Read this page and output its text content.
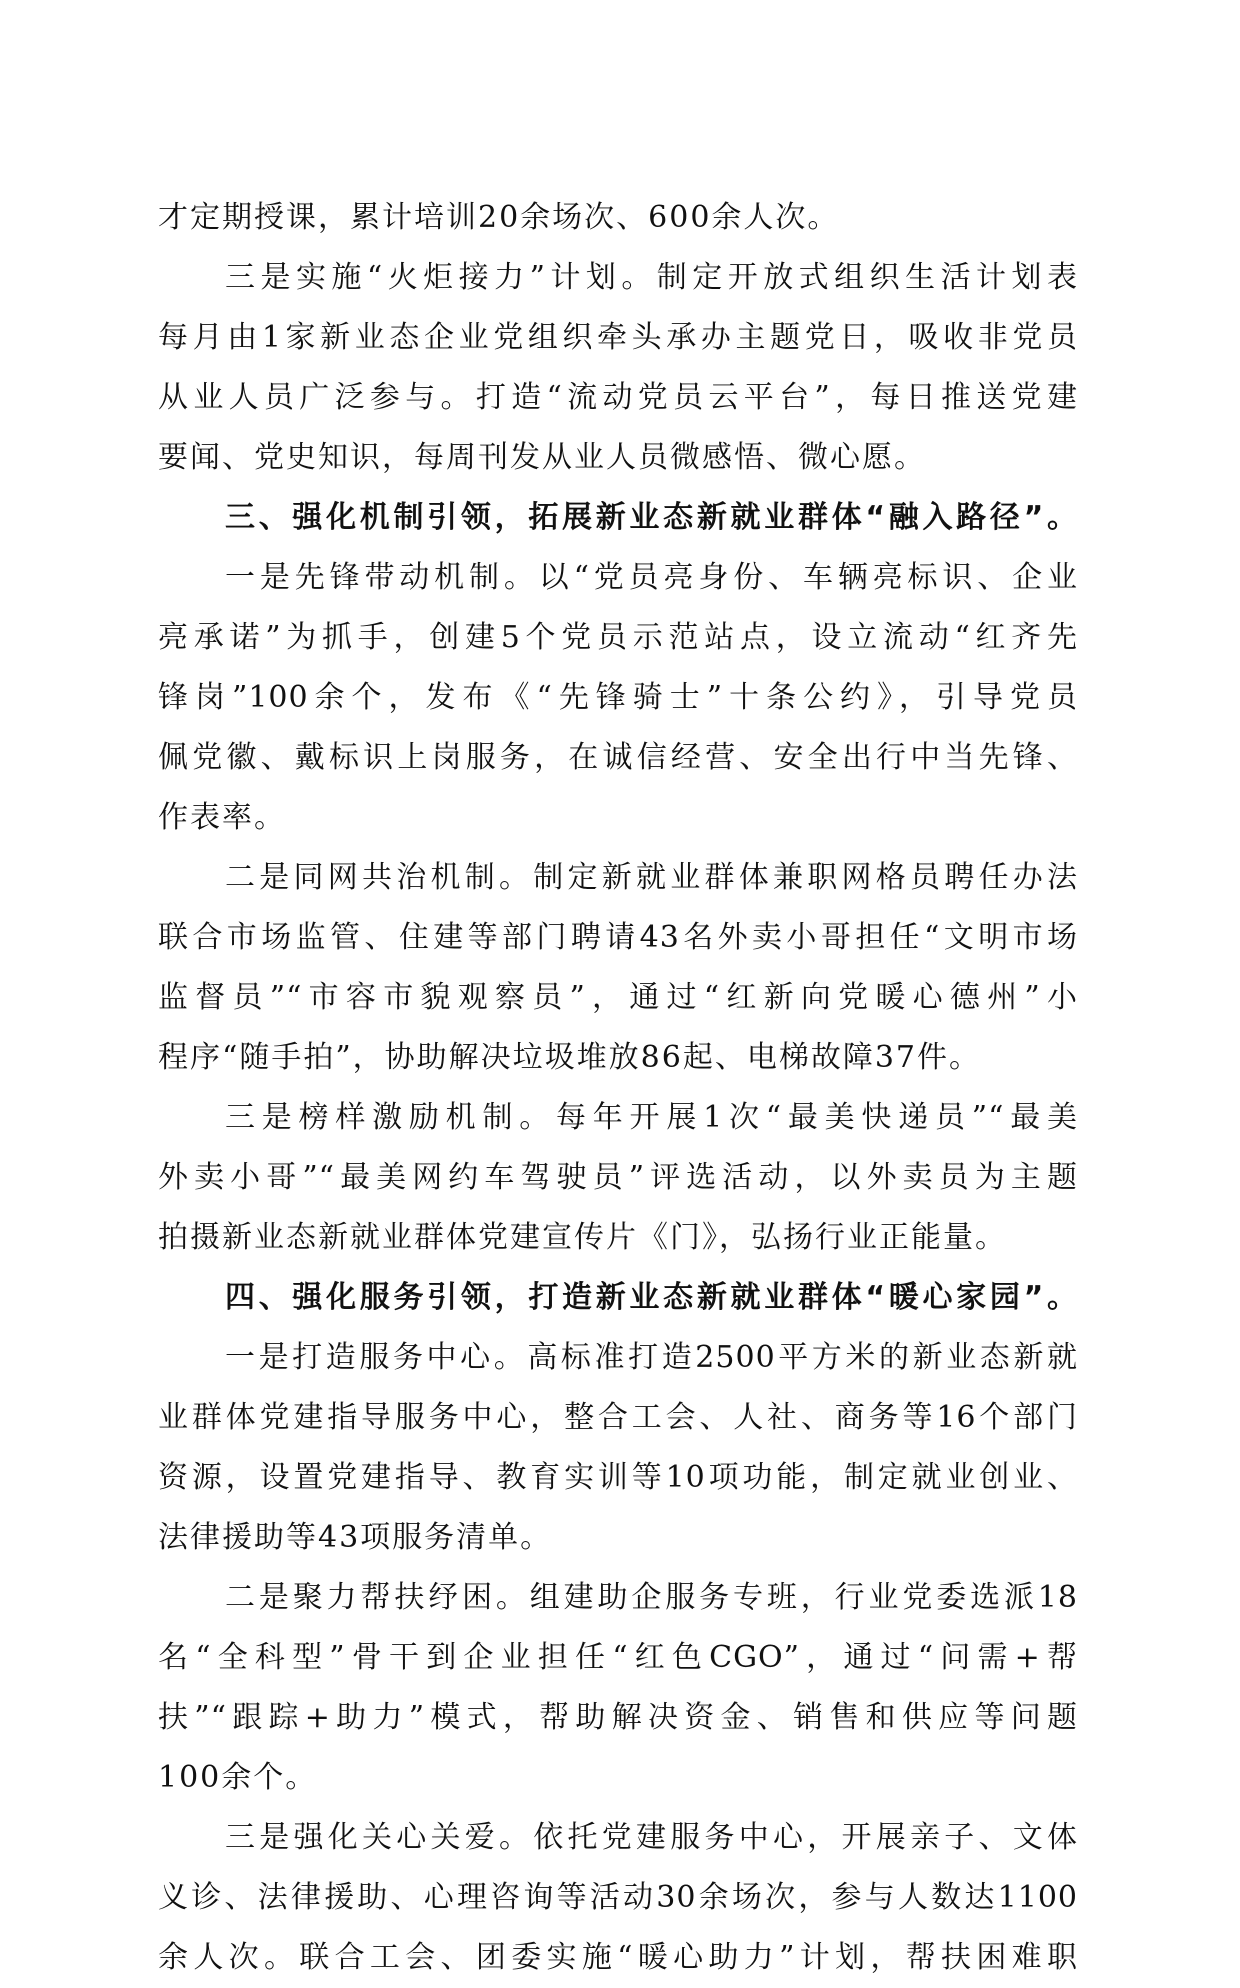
才定期授课，累计培训20余场次、600余人次。
三是实施“火炬接力”计划。制定开放式组织生活计划表
每月由1家新业态企业党组织牵头承办主题党日，吸收非党员
从业人员广泛参与。打造“流动党员云平台”，每日推送党建
要闻、党史知识，每周刊发从业人员微感悟、微心愿。
三、强化机制引领，拓展新业态新就业群体“融入路径”。
一是先锋带动机制。以“党员亮身份、车辆亮标识、企业
亮承诺”为抓手，创建5个党员示范站点，设立流动“红齐先
锋岗”100余个，发布《“先锋骑士”十条公约》，引导党员
佩党徽、戴标识上岗服务，在诚信经营、安全出行中当先锋、
作表率。
二是同网共治机制。制定新就业群体兼职网格员聘任办法
联合市场监管、住建等部门聘请43名外卖小哥担任“文明市场
监督员”“市容市貌观察员”，通过“红新向党暖心德州”小
程序“随手拍”，协助解决垃圾堆放86起、电梯故障37件。
三是榜样激励机制。每年开展1次“最美快递员”“最美
外卖小哥”“最美网约车驾驶员”评选活动，以外卖员为主题
拍摄新业态新就业群体党建宣传片《门》，弘扬行业正能量。
四、强化服务引领，打造新业态新就业群体“暖心家园”。
一是打造服务中心。高标准打造2500平方米的新业态新就
业群体党建指导服务中心，整合工会、人社、商务等16个部门
资源，设置党建指导、教育实训等10项功能，制定就业创业、
法律援助等43项服务清单。
二是聚力帮扶纾困。组建助企服务专班，行业党委选派18
名“全科型”骨干到企业担任“红色CGO”，通过“问需+帮
扶”“跟踪+助力”模式，帮助解决资金、销售和供应等问题
100余个。
三是强化关心关爱。依托党建服务中心，开展亲子、文体
义诊、法律援助、心理咨询等活动30余场次，参与人数达1100
余人次。联合工会、团委实施“暖心助力”计划，帮扶困难职
